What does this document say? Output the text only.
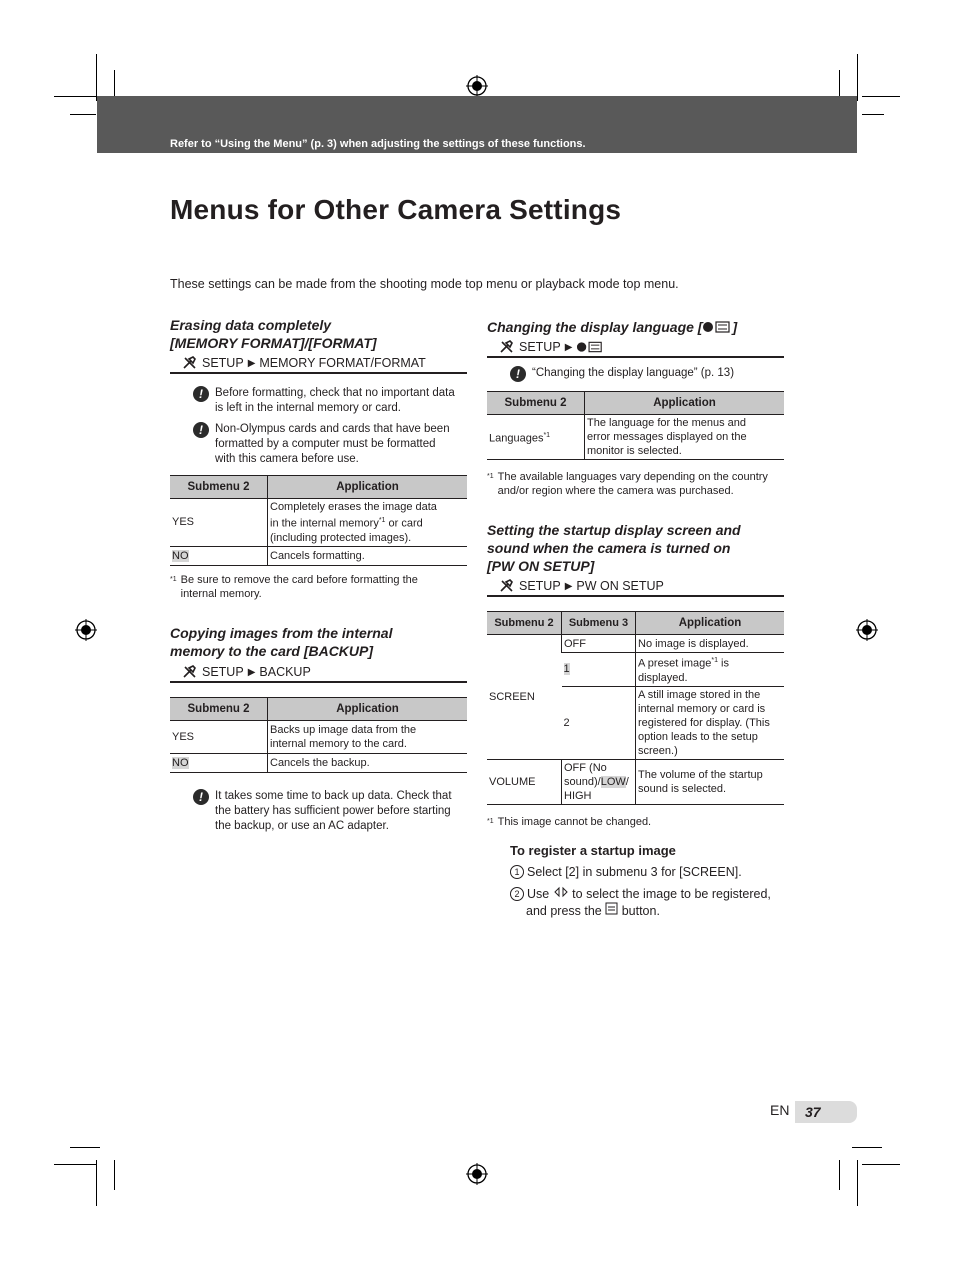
Refer to “Using the Menu” (p. 3) when adjusting the settings of these functions.
Menus for Other Camera Settings
These settings can be made from the shooting mode top menu or playback mode top menu.
Erasing data completely
[MEMORY FORMAT]/[FORMAT]
SETUP ▶ MEMORY FORMAT/FORMAT
!	Before formatting, check that no important data
is left in the internal memory or card.
!	Non-Olympus cards and cards that have been
formatted by a computer must be formatted
with this camera before use.
Submenu 2	Application
YES	Completely erases the image data
in the internal memory$^{*1}$ or card
(including protected images).
NO	Cancels formatting.
*1 Be sure to remove the card before formatting the
internal memory.
Copying images from the internal
memory to the card [BACKUP]
SETUP ▶ BACKUP
Submenu 2	Application
YES	Backs up image data from the
internal memory to the card.
NO	Cancels the backup.
!	It takes some time to back up data. Check that
the battery has sufficient power before starting
the backup, or use an AC adapter.
Changing the display language [ ]
SETUP ▶
!	“Changing the display language” (p. 13)
Submenu 2	Application
Languages$^{*1}$	The language for the menus and
error messages displayed on the
monitor is selected.
*1 The available languages vary depending on the country
and/or region where the camera was purchased.
Setting the startup display screen and
sound when the camera is turned on
[PW ON SETUP]
SETUP ▶ PW ON SETUP
Submenu 2	Submenu 3	Application
SCREEN	OFF	No image is displayed.
	1	A preset image$^{*1}$ is
displayed.
	2	A still image stored in the
internal memory or card is
registered for display. (This
option leads to the setup
screen.)
VOLUME	OFF (No
sound)/LOW/
HIGH	The volume of the startup
sound is selected.
*1 This image cannot be changed.
To register a startup image
1 Select [2] in submenu 3 for [SCREEN].
2 Use  to select the image to be registered,
and press the  button.
EN 37
